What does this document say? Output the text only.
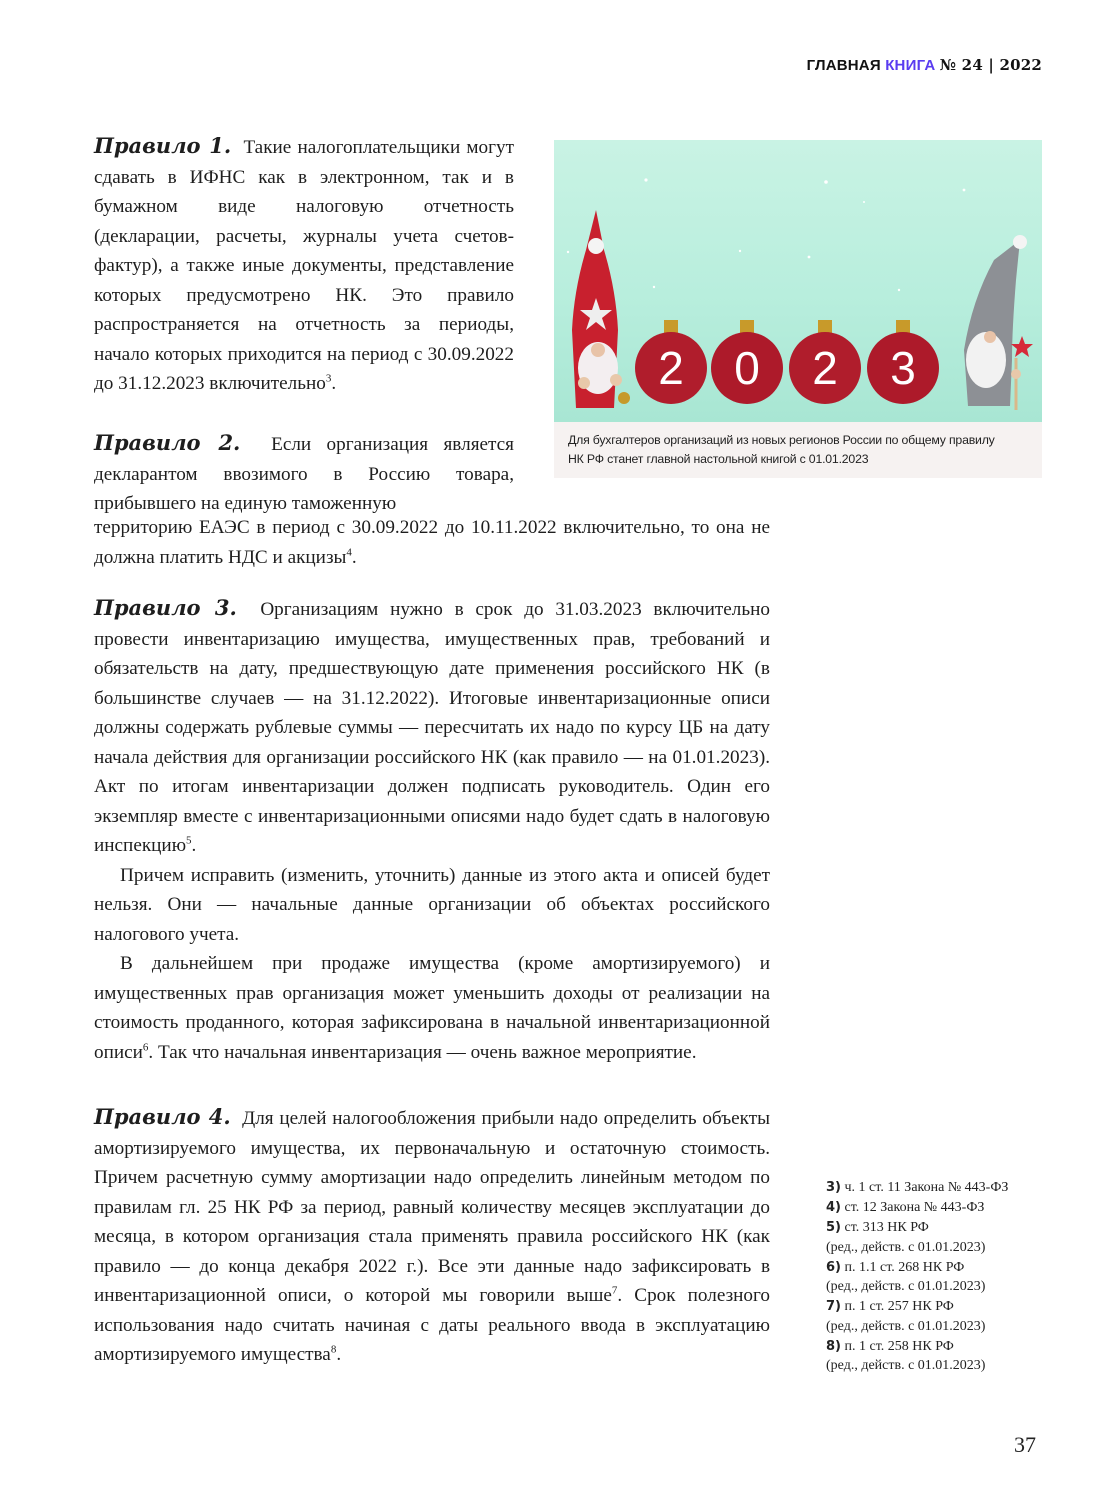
ГЛАВНАЯ КНИГА № 24 | 2022

Правило 1. Такие налогоплательщики могут сдавать в ИФНС как в электронном, так и в бумажном виде налоговую отчетность (декларации, расчеты, журналы учета счетов-фактур), а также иные документы, представление которых предусмотрено НК. Это правило распространяется на отчетность за периоды, начало которых приходится на период с 30.09.2022 до 31.12.2023 включительно$^3$.	2 0 2 3
Для бухгалтеров организаций из новых регионов России по общему правилу
НК РФ станет главной настольной книгой с 01.01.2023

Правило 2. Если организация является декларантом ввозимого в Россию товара, прибывшего на единую таможенную

территорию ЕАЭС в период с 30.09.2022 до 10.11.2022 включительно, то она не должна платить НДС и акцизы$^4$.

Правило 3. Организациям нужно в срок до 31.03.2023 включительно провести инвентаризацию имущества, имущественных прав, требований и обязательств на дату, предшествующую дате применения российского НК (в большинстве случаев — на 31.12.2022). Итоговые инвентаризационные описи должны содержать рублевые суммы — пересчитать их надо по курсу ЦБ на дату начала действия для организации российского НК (как правило — на 01.01.2023). Акт по итогам инвентаризации должен подписать руководитель. Один его экземпляр вместе с инвентаризационными описями надо будет сдать в налоговую инспекцию$^5$.

Причем исправить (изменить, уточнить) данные из этого акта и описей будет нельзя. Они — начальные данные организации об объектах российского налогового учета.

В дальнейшем при продаже имущества (кроме амортизируемого) и имущественных прав организация может уменьшить доходы от реализации на стоимость проданного, которая зафиксирована в начальной инвентаризационной описи$^6$. Так что начальная инвентаризация — очень важное мероприятие.

Правило 4. Для целей налогообложения прибыли надо определить объекты амортизируемого имущества, их первоначальную и остаточную стоимость. Причем расчетную сумму амортизации надо определить линейным методом по правилам гл. 25 НК РФ за период, равный количеству месяцев эксплуатации до месяца, в котором организация стала применять правила российского НК (как правило — до конца декабря 2022 г.). Все эти данные надо зафиксировать в инвентаризационной описи, о которой мы говорили выше$^7$. Срок полезного использования надо считать начиная с даты реального ввода в эксплуатацию амортизируемого имущества$^8$.

3) ч. 1 ст. 11 Закона № 443-ФЗ
4) ст. 12 Закона № 443-ФЗ
5) ст. 313 НК РФ
(ред., действ. с 01.01.2023)
6) п. 1.1 ст. 268 НК РФ
(ред., действ. с 01.01.2023)
7) п. 1 ст. 257 НК РФ
(ред., действ. с 01.01.2023)
8) п. 1 ст. 258 НК РФ
(ред., действ. с 01.01.2023)
37
